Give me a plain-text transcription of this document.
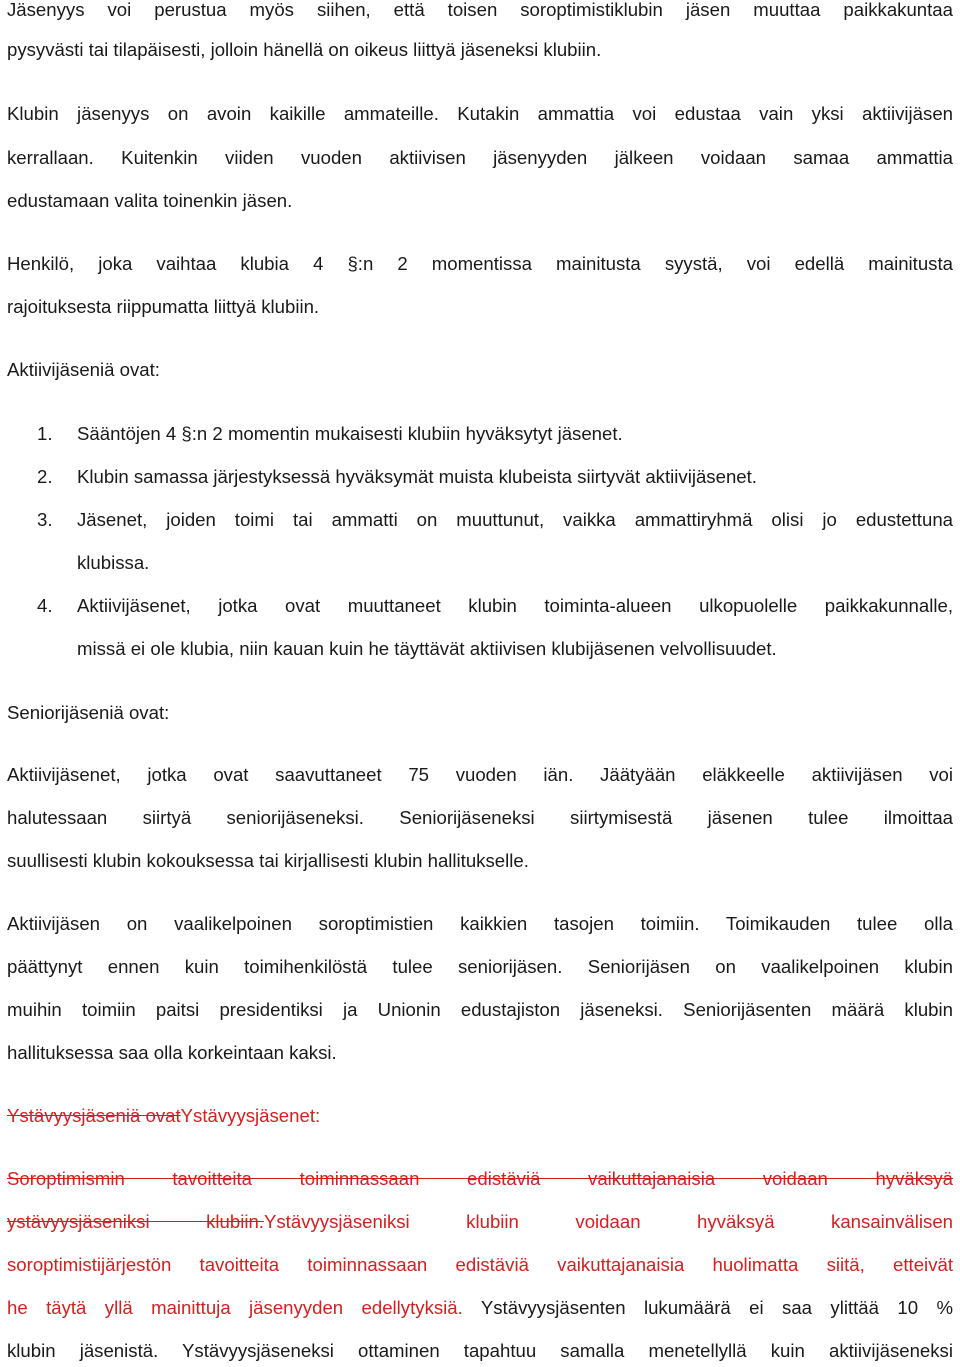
Jäsenyys voi perustua myös siihen, että toisen soroptimistiklubin jäsen muuttaa paikkakuntaa
pysyvästi tai tilapäisesti, jolloin hänellä on oikeus liittyä jäseneksi klubiin.
Klubin jäsenyys on avoin kaikille ammateille. Kutakin ammattia voi edustaa vain yksi aktiivijäsen
kerrallaan. Kuitenkin viiden vuoden aktiivisen jäsenyyden jälkeen voidaan samaa ammattia
edustamaan valita toinenkin jäsen.
Henkilö, joka vaihtaa klubia 4 §:n 2 momentissa mainitusta syystä, voi edellä mainitusta
rajoituksesta riippumatta liittyä klubiin.
Aktiivijäseniä ovat:
1.	Sääntöjen 4 §:n 2 momentin mukaisesti klubiin hyväksytyt jäsenet.
2.	Klubin samassa järjestyksessä hyväksymät muista klubeista siirtyvät aktiivijäsenet.
3.	Jäsenet, joiden toimi tai ammatti on muuttunut, vaikka ammattiryhmä olisi jo edustettuna
klubissa.
4.	Aktiivijäsenet, jotka ovat muuttaneet klubin toiminta-alueen ulkopuolelle paikkakunnalle,
missä ei ole klubia, niin kauan kuin he täyttävät aktiivisen klubijäsenen velvollisuudet.
Seniorijäseniä ovat:
Aktiivijäsenet, jotka ovat saavuttaneet 75 vuoden iän. Jäätyään eläkkeelle aktiivijäsen voi
halutessaan siirtyä seniorijäseneksi. Seniorijäseneksi siirtymisestä jäsenen tulee ilmoittaa
suullisesti klubin kokouksessa tai kirjallisesti klubin hallitukselle.
Aktiivijäsen on vaalikelpoinen soroptimistien kaikkien tasojen toimiin. Toimikauden tulee olla
päättynyt ennen kuin toimihenkilöstä tulee seniorijäsen. Seniorijäsen on vaalikelpoinen klubin
muihin toimiin paitsi presidentiksi ja Unionin edustajiston jäseneksi. Seniorijäsenten määrä klubin
hallituksessa saa olla korkeintaan kaksi.
Ystävyysjäseniä ovatYstävyysjäsenet:
Soroptimismin tavoitteita toiminnassaan edistäviä vaikuttajanaisia voidaan hyväksyä
ystävyysjäseniksi klubiin.Ystävyysjäseniksi klubiin voidaan hyväksyä kansainvälisen
soroptimistijärjestön tavoitteita toiminnassaan edistäviä vaikuttajanaisia huolimatta siitä, etteivät
he täytä yllä mainittuja jäsenyyden edellytyksiä. Ystävyysjäsenten lukumäärä ei saa ylittää 10 %
klubin jäsenistä. Ystävyysjäseneksi ottaminen tapahtuu samalla menetellyllä kuin aktiivijäseneksi
